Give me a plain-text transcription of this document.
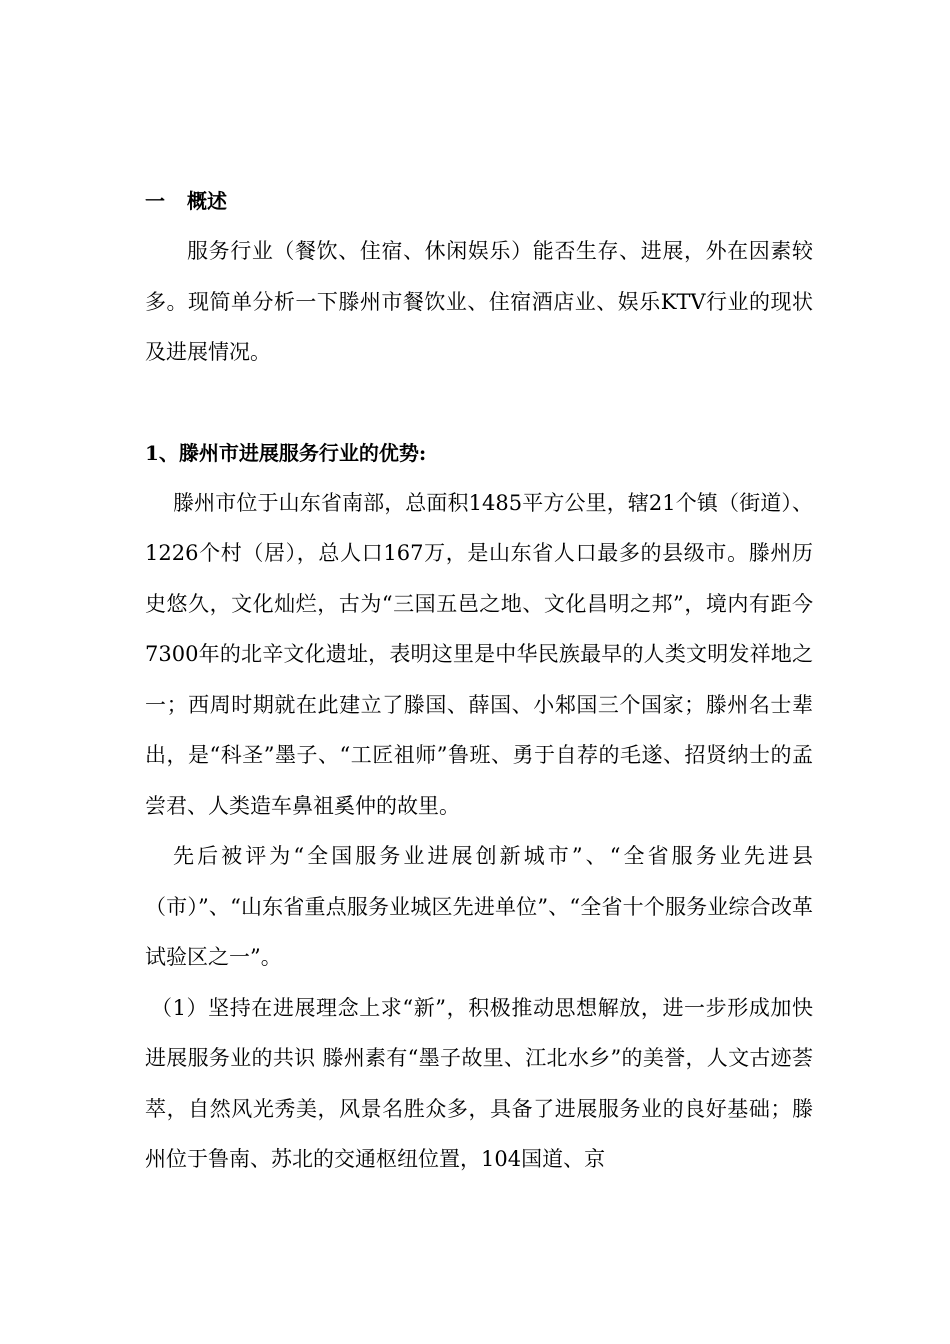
一 概述

服务行业（餐饮、住宿、休闲娱乐）能否生存、进展，外在因素较多。现简单分析一下滕州市餐饮业、住宿酒店业、娱乐KTV行业的现状及进展情况。

1、滕州市进展服务行业的优势:

滕州市位于山东省南部，总面积1485平方公里，辖21个镇（街道）、1226个村（居），总人口167万，是山东省人口最多的县级市。滕州历史悠久，文化灿烂，古为“三国五邑之地、文化昌明之邦”，境内有距今7300年的北辛文化遗址，表明这里是中华民族最早的人类文明发祥地之一；西周时期就在此建立了滕国、薛国、小邾国三个国家；滕州名士辈出，是“科圣”墨子、“工匠祖师”鲁班、勇于自荐的毛遂、招贤纳士的孟尝君、人类造车鼻祖奚仲的故里。

先后被评为“全国服务业进展创新城市”、“全省服务业先进县（市）”、“山东省重点服务业城区先进单位”、“全省十个服务业综合改革试验区之一”。

（1）坚持在进展理念上求“新”，积极推动思想解放，进一步形成加快进展服务业的共识 滕州素有“墨子故里、江北水乡”的美誉，人文古迹荟萃，自然风光秀美，风景名胜众多，具备了进展服务业的良好基础；滕州位于鲁南、苏北的交通枢纽位置，104国道、京
